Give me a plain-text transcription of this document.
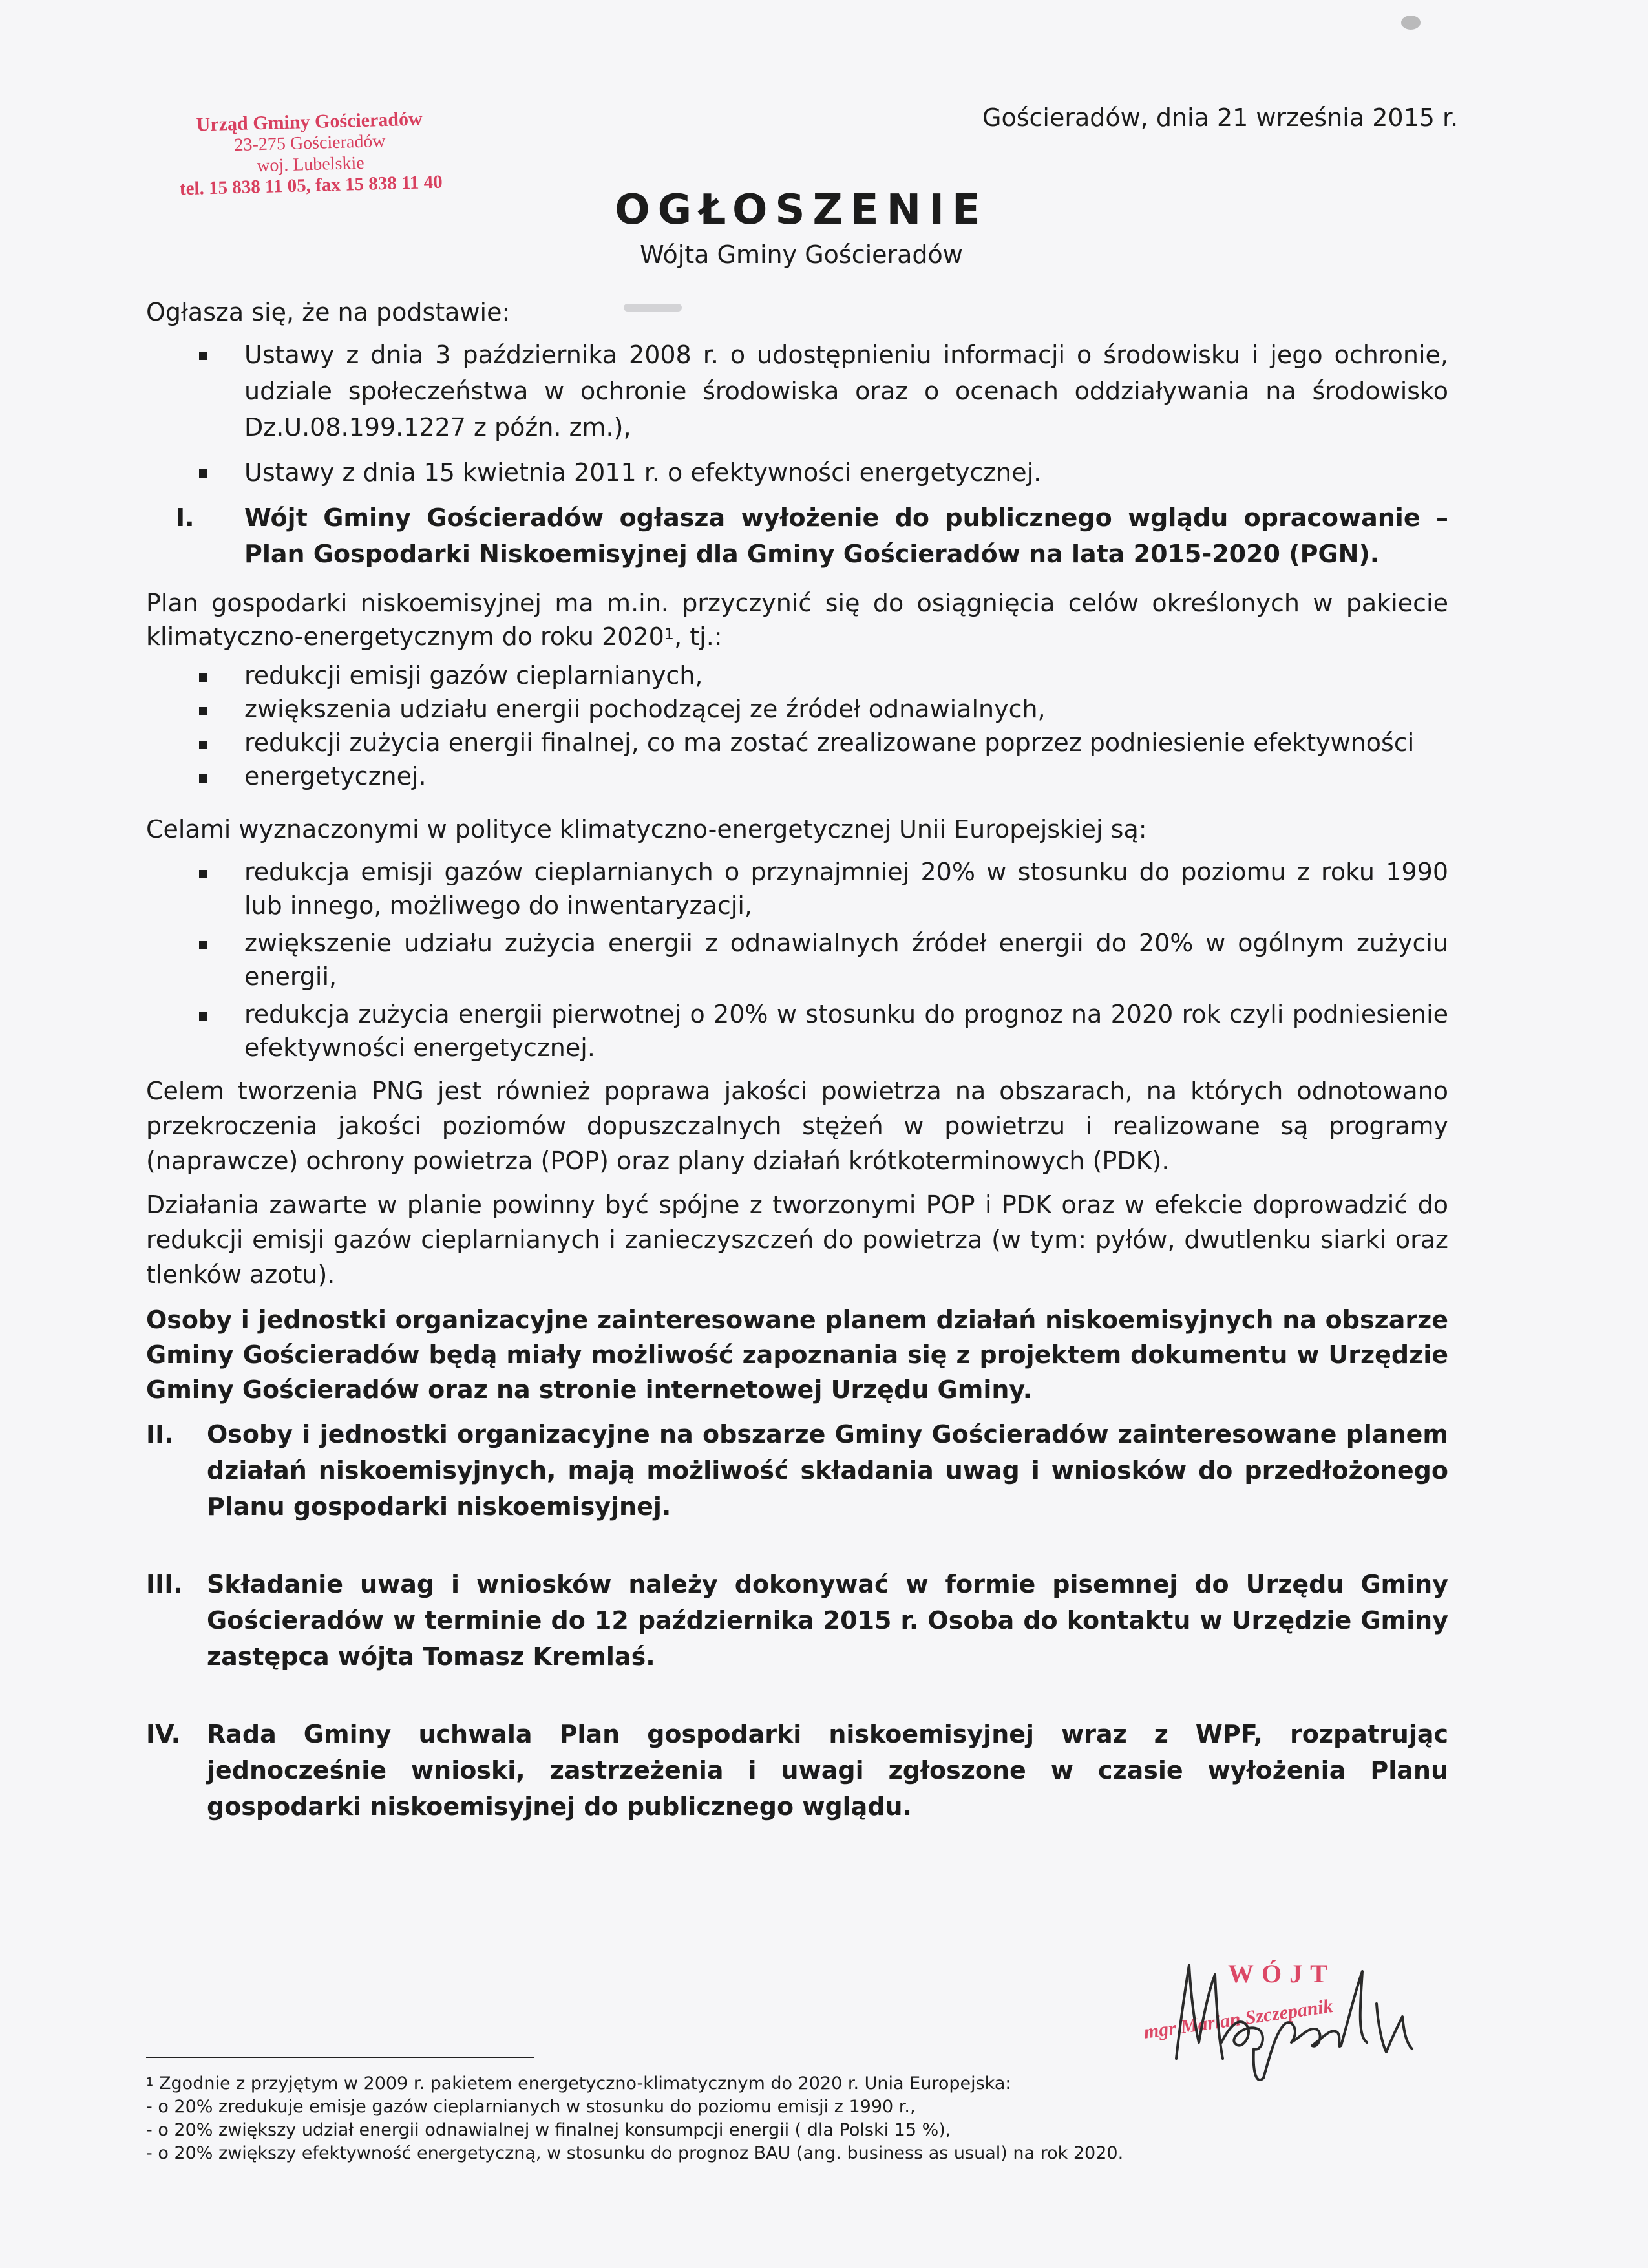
Urząd Gminy Gościeradów
23-275 Gościeradów
woj. Lubelskie
tel. 15 838 11 05, fax 15 838 11 40
Gościeradów, dnia 21 września 2015 r.
OGŁOSZENIE
Wójta Gminy Gościeradów

Ogłasza się, że na podstawie:

Ustawy z dnia 3 października 2008 r. o udostępnieniu informacji o środowisku i jego ochronie, udziale społeczeństwa w ochronie środowiska oraz o ocenach oddziaływania na środowisko Dz.U.08.199.1227 z późn. zm.),
Ustawy z dnia 15 kwietnia 2011 r. o efektywności energetycznej.
I. Wójt Gminy Gościeradów ogłasza wyłożenie do publicznego wglądu opracowanie – Plan Gospodarki Niskoemisyjnej dla Gminy Gościeradów na lata 2015-2020 (PGN).

Plan gospodarki niskoemisyjnej ma m.in. przyczynić się do osiągnięcia celów określonych w pakiecie klimatyczno-energetycznym do roku 2020$^1$, tj.:

redukcji emisji gazów cieplarnianych,
zwiększenia udziału energii pochodzącej ze źródeł odnawialnych,
redukcji zużycia energii finalnej, co ma zostać zrealizowane poprzez podniesienie efektywności
energetycznej.

Celami wyznaczonymi w polityce klimatyczno-energetycznej Unii Europejskiej są:

redukcja emisji gazów cieplarnianych o przynajmniej 20% w stosunku do poziomu z roku 1990 lub innego, możliwego do inwentaryzacji,
zwiększenie udziału zużycia energii z odnawialnych źródeł energii do 20% w ogólnym zużyciu energii,
redukcja zużycia energii pierwotnej o 20% w stosunku do prognoz na 2020 rok czyli podniesienie efektywności energetycznej.

Celem tworzenia PNG jest również poprawa jakości powietrza na obszarach, na których odnotowano przekroczenia jakości poziomów dopuszczalnych stężeń w powietrzu i realizowane są programy (naprawcze) ochrony powietrza (POP) oraz plany działań krótkoterminowych (PDK).

Działania zawarte w planie powinny być spójne z tworzonymi POP i PDK oraz w efekcie doprowadzić do redukcji emisji gazów cieplarnianych i zanieczyszczeń do powietrza (w tym: pyłów, dwutlenku siarki oraz tlenków azotu).

Osoby i jednostki organizacyjne zainteresowane planem działań niskoemisyjnych na obszarze Gminy Gościeradów będą miały możliwość zapoznania się z projektem dokumentu w Urzędzie Gminy Gościeradów oraz na stronie internetowej Urzędu Gminy.

II. Osoby i jednostki organizacyjne na obszarze Gminy Gościeradów zainteresowane planem działań niskoemisyjnych, mają możliwość składania uwag i wniosków do przedłożonego Planu gospodarki niskoemisyjnej.
III. Składanie uwag i wniosków należy dokonywać w formie pisemnej do Urzędu Gminy Gościeradów w terminie do 12 października 2015 r. Osoba do kontaktu w Urzędzie Gminy zastępca wójta Tomasz Kremlaś.
IV. Rada Gminy uchwala Plan gospodarki niskoemisyjnej wraz z WPF, rozpatrując jednocześnie wnioski, zastrzeżenia i uwagi zgłoszone w czasie wyłożenia Planu gospodarki niskoemisyjnej do publicznego wglądu.
WÓJT
mgr Marian Szczepanik
$^1$ Zgodnie z przyjętym w 2009 r. pakietem energetyczno-klimatycznym do 2020 r. Unia Europejska:
- o 20% zredukuje emisje gazów cieplarnianych w stosunku do poziomu emisji z 1990 r.,
- o 20% zwiększy udział energii odnawialnej w finalnej konsumpcji energii ( dla Polski 15 %),
- o 20% zwiększy efektywność energetyczną, w stosunku do prognoz BAU (ang. business as usual) na rok 2020.
